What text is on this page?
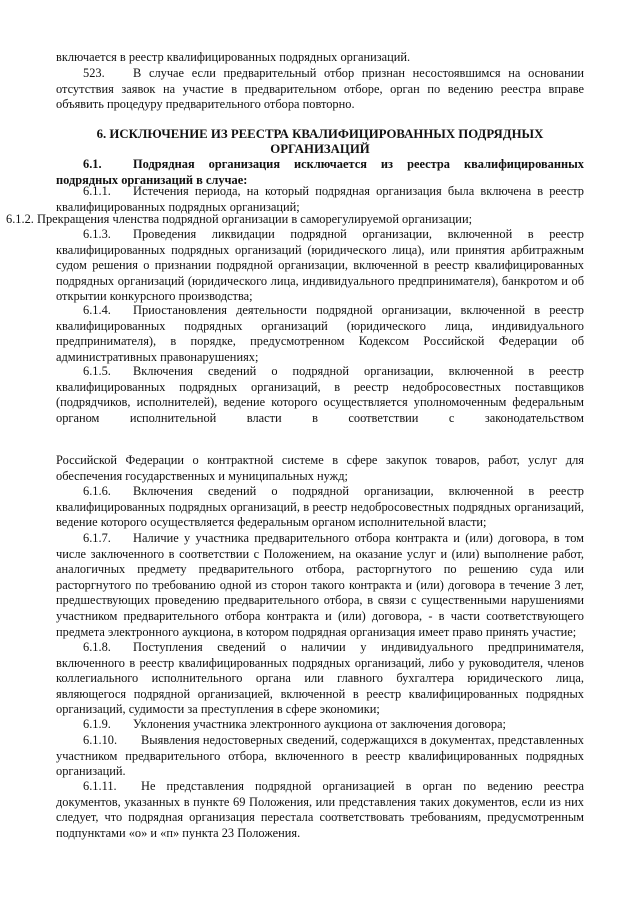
включается в реестр квалифицированных подрядных организаций.

523. В случае если предварительный отбор признан несостоявшимся на основании отсутствия заявок на участие в предварительном отборе, орган по ведению реестра вправе объявить процедуру предварительного отбора повторно.

6. ИСКЛЮЧЕНИЕ ИЗ РЕЕСТРА КВАЛИФИЦИРОВАННЫХ ПОДРЯДНЫХ ОРГАНИЗАЦИЙ

6.1.	Подрядная организация исключается из реестра квалифицированных подрядных организаций в случае:

6.1.1. Истечения периода, на который подрядная организация была включена в реестр квалифицированных подрядных организаций;

6.1.2. Прекращения членства подрядной организации в саморегулируемой организации;

6.1.3. Проведения ликвидации подрядной организации, включенной в реестр квалифицированных подрядных организаций (юридического лица), или принятия арбитражным судом решения о признании подрядной организации, включенной в реестр квалифицированных подрядных организаций (юридического лица, индивидуального предпринимателя), банкротом и об открытии конкурсного производства;

6.1.4. Приостановления деятельности подрядной организации, включенной в реестр квалифицированных подрядных организаций (юридического лица, индивидуального предпринимателя), в порядке, предусмотренном Кодексом Российской Федерации об административных правонарушениях;

6.1.5. Включения сведений о подрядной организации, включенной в реестр квалифицированных подрядных организаций, в реестр недобросовестных поставщиков (подрядчиков, исполнителей), ведение которого осуществляется уполномоченным федеральным органом исполнительной власти в соответствии с законодательством

Российской Федерации о контрактной системе в сфере закупок товаров, работ, услуг для обеспечения государственных и муниципальных нужд;

6.1.6. Включения сведений о подрядной организации, включенной в реестр квалифицированных подрядных организаций, в реестр недобросовестных подрядных организаций, ведение которого осуществляется федеральным органом исполнительной власти;

6.1.7. Наличие у участника предварительного отбора контракта и (или) договора, в том числе заключенного в соответствии с Положением, на оказание услуг и (или) выполнение работ, аналогичных предмету предварительного отбора, расторгнутого по решению суда или расторгнутого по требованию одной из сторон такого контракта и (или) договора в течение 3 лет, предшествующих проведению предварительного отбора, в связи с существенными нарушениями участником предварительного отбора контракта и (или) договора, - в части соответствующего предмета электронного аукциона, в котором подрядная организация имеет право принять участие;

6.1.8. Поступления сведений о наличии у индивидуального предпринимателя, включенного в реестр квалифицированных подрядных организаций, либо у руководителя, членов коллегиального исполнительного органа или главного бухгалтера юридического лица, являющегося подрядной организацией, включенной в реестр квалифицированных подрядных организаций, судимости за преступления в сфере экономики;

6.1.9. Уклонения участника электронного аукциона от заключения договора;

6.1.10. Выявления недостоверных сведений, содержащихся в документах, представленных участником предварительного отбора, включенного в реестр квалифицированных подрядных организаций.

6.1.11. Не представления подрядной организацией в орган по ведению реестра документов, указанных в пункте 69 Положения, или представления таких документов, если из них следует, что подрядная организация перестала соответствовать требованиям, предусмотренным подпунктами «о» и «п» пункта 23 Положения.
